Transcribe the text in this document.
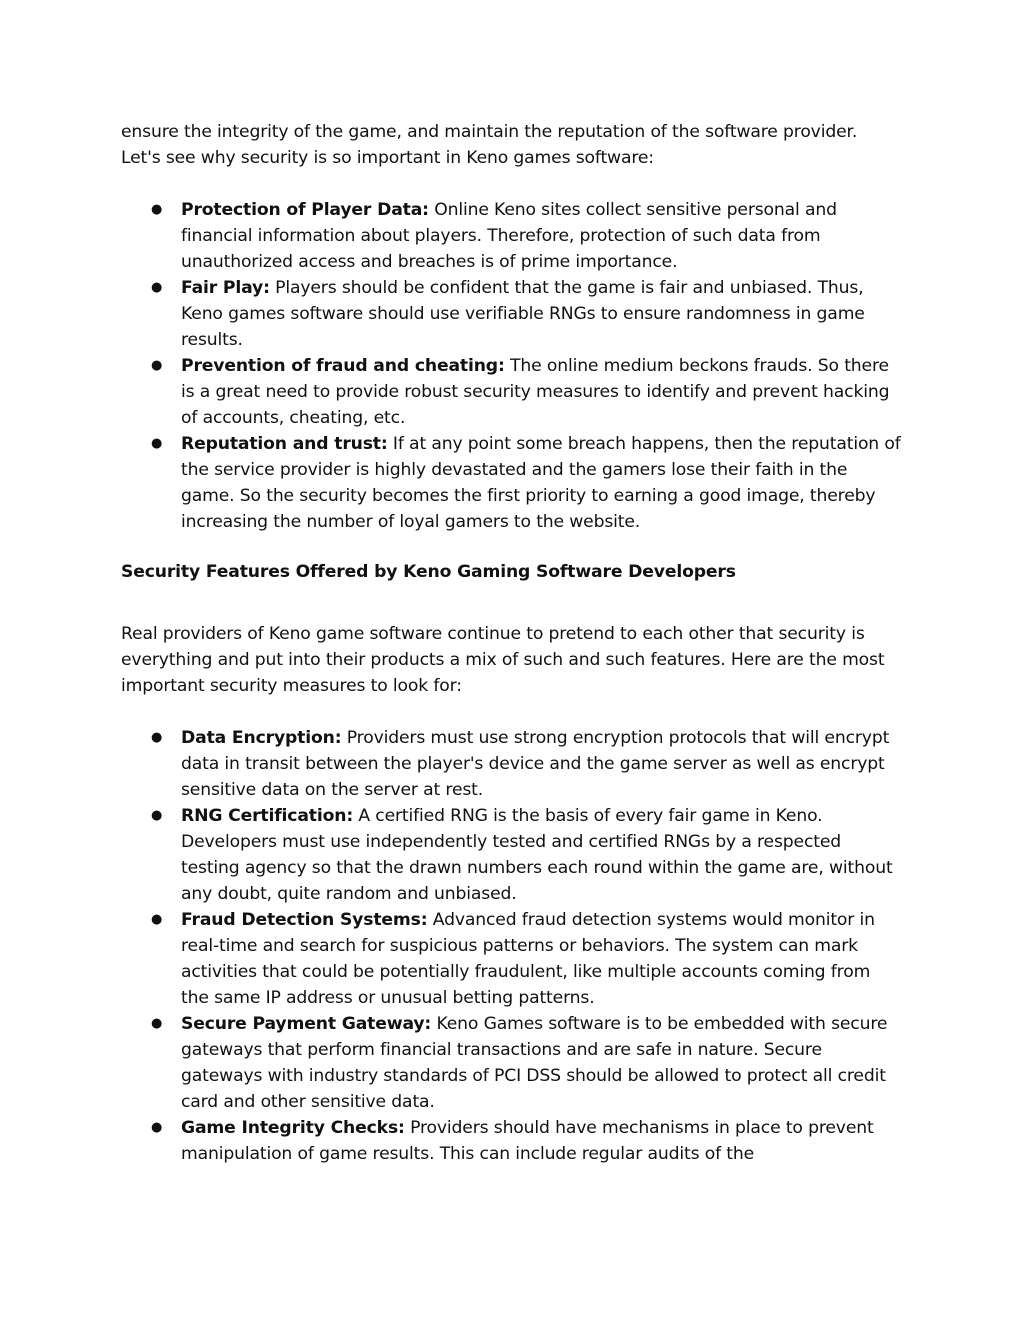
ensure the integrity of the game, and maintain the reputation of the software provider. Let's see why security is so important in Keno games software:

● Protection of Player Data: Online Keno sites collect sensitive personal and financial information about players. Therefore, protection of such data from unauthorized access and breaches is of prime importance.
● Fair Play: Players should be confident that the game is fair and unbiased. Thus, Keno games software should use verifiable RNGs to ensure randomness in game results.
● Prevention of fraud and cheating: The online medium beckons frauds. So there is a great need to provide robust security measures to identify and prevent hacking of accounts, cheating, etc.
● Reputation and trust: If at any point some breach happens, then the reputation of the service provider is highly devastated and the gamers lose their faith in the game. So the security becomes the first priority to earning a good image, thereby increasing the number of loyal gamers to the website.

Security Features Offered by Keno Gaming Software Developers

Real providers of Keno game software continue to pretend to each other that security is everything and put into their products a mix of such and such features. Here are the most important security measures to look for:

● Data Encryption: Providers must use strong encryption protocols that will encrypt data in transit between the player's device and the game server as well as encrypt sensitive data on the server at rest.
● RNG Certification: A certified RNG is the basis of every fair game in Keno. Developers must use independently tested and certified RNGs by a respected testing agency so that the drawn numbers each round within the game are, without any doubt, quite random and unbiased.
● Fraud Detection Systems: Advanced fraud detection systems would monitor in real-time and search for suspicious patterns or behaviors. The system can mark activities that could be potentially fraudulent, like multiple accounts coming from the same IP address or unusual betting patterns.
● Secure Payment Gateway: Keno Games software is to be embedded with secure gateways that perform financial transactions and are safe in nature. Secure gateways with industry standards of PCI DSS should be allowed to protect all credit card and other sensitive data.
● Game Integrity Checks: Providers should have mechanisms in place to prevent manipulation of game results. This can include regular audits of the
